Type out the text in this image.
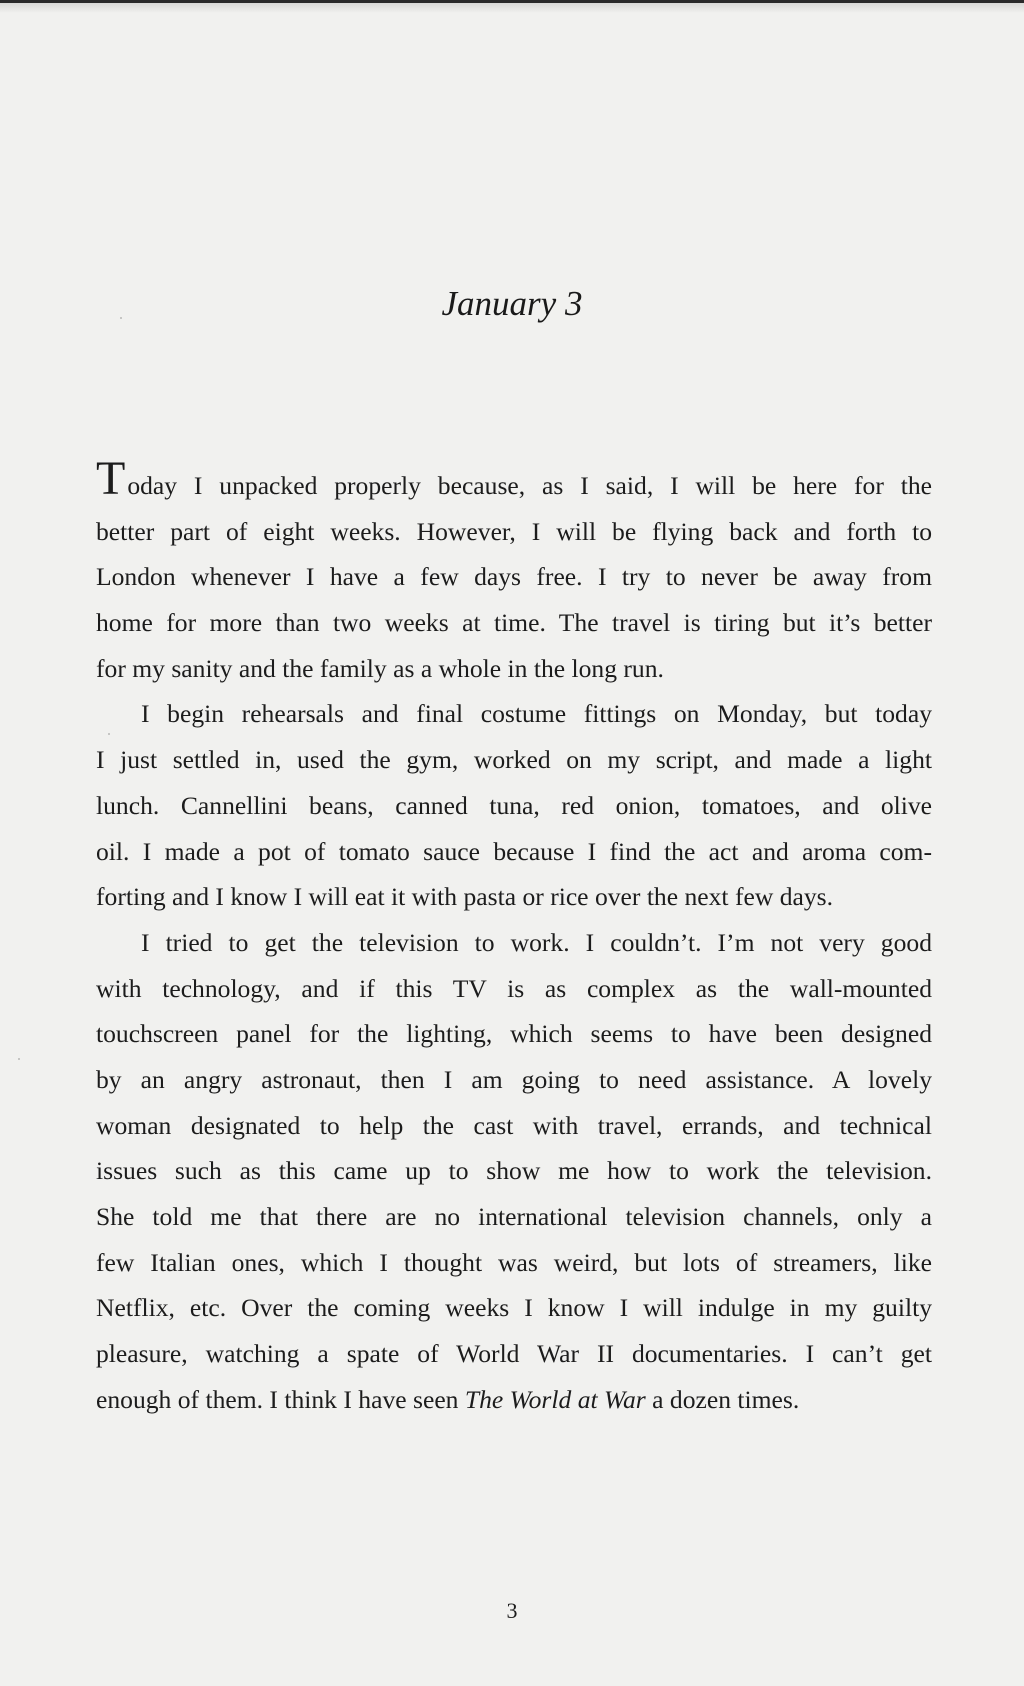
January 3
Today I unpacked properly because, as I said, I will be here for the
better part of eight weeks. However, I will be flying back and forth to
London whenever I have a few days free. I try to never be away from
home for more than two weeks at time. The travel is tiring but it’s better
for my sanity and the family as a whole in the long run.
I begin rehearsals and final costume fittings on Monday, but today
I just settled in, used the gym, worked on my script, and made a light
lunch. Cannellini beans, canned tuna, red onion, tomatoes, and olive
oil. I made a pot of tomato sauce because I find the act and aroma com-
forting and I know I will eat it with pasta or rice over the next few days.
I tried to get the television to work. I couldn’t. I’m not very good
with technology, and if this TV is as complex as the wall-mounted
touchscreen panel for the lighting, which seems to have been designed
by an angry astronaut, then I am going to need assistance. A lovely
woman designated to help the cast with travel, errands, and technical
issues such as this came up to show me how to work the television.
She told me that there are no international television channels, only a
few Italian ones, which I thought was weird, but lots of streamers, like
Netflix, etc. Over the coming weeks I know I will indulge in my guilty
pleasure, watching a spate of World War II documentaries. I can’t get
enough of them. I think I have seen The World at War a dozen times.
3
